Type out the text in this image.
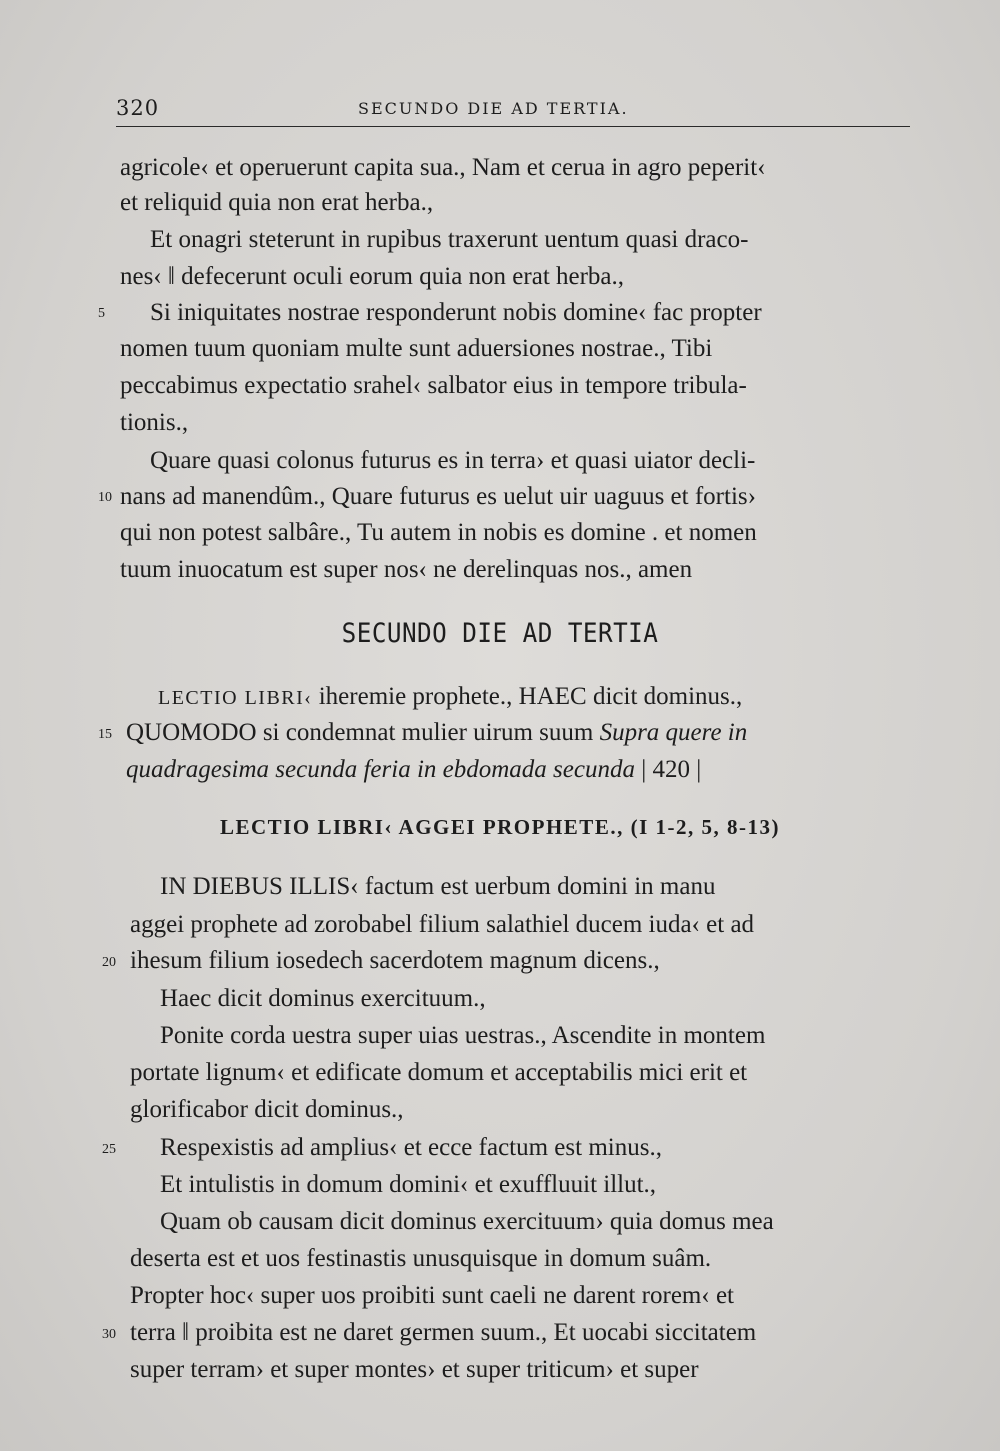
320	SECUNDO DIE AD TERTIA.
agricole‹ et operuerunt capita sua., Nam et cerua in agro peperit‹
et reliquid quia non erat herba.,
Et onagri steterunt in rupibus traxerunt uentum quasi draco-
nes‹ ‖ defecerunt oculi eorum quia non erat herba.,
5	Si iniquitates nostrae responderunt nobis domine‹ fac propter
nomen tuum quoniam multe sunt aduersiones nostrae., Tibi
peccabimus expectatio srahel‹ salbator eius in tempore tribula-
tionis.,
Quare quasi colonus futurus es in terra› et quasi uiator decli-
10 nans ad manendûm., Quare futurus es uelut uir uaguus et fortis›
qui non potest salbâre., Tu autem in nobis es domine . et nomen
tuum inuocatum est super nos‹ ne derelinquas nos., amen
SECUNDO DIE AD TERTIA
LECTIO LIBRI‹ iheremie prophete., HAEC dicit dominus.,
15 QUOMODO si condemnat mulier uirum suum Supra quere in
quadragesima secunda feria in ebdomada secunda | 420 |
LECTIO LIBRI‹ AGGEI PROPHETE., (I 1-2, 5, 8-13)
IN DIEBUS ILLIS‹ factum est uerbum domini in manu
aggei prophete ad zorobabel filium salathiel ducem iuda‹ et ad
20 ihesum filium iosedech sacerdotem magnum dicens.,
Haec dicit dominus exercituum.,
Ponite corda uestra super uias uestras., Ascendite in montem
portate lignum‹ et edificate domum et acceptabilis mici erit et
glorificabor dicit dominus.,
25	Respexistis ad amplius‹ et ecce factum est minus.,
Et intulistis in domum domini‹ et exuffluuit illut.,
Quam ob causam dicit dominus exercituum› quia domus mea
deserta est et uos festinastis unusquisque in domum suâm.
Propter hoc‹ super uos proibiti sunt caeli ne darent rorem‹ et
30 terra ‖ proibita est ne daret germen suum., Et uocabi siccitatem
super terram› et super montes› et super triticum› et super
